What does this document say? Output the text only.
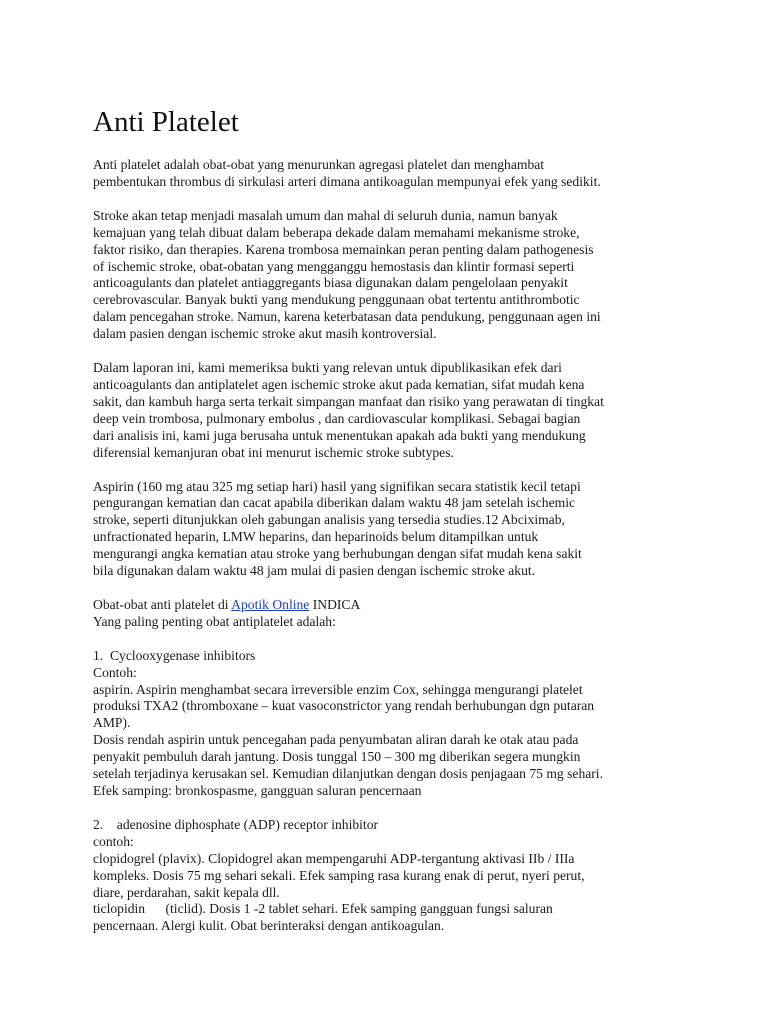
Anti Platelet

Anti platelet adalah obat-obat yang menurunkan agregasi platelet dan menghambat
pembentukan thrombus di sirkulasi arteri dimana antikoagulan mempunyai efek yang sedikit.

Stroke akan tetap menjadi masalah umum dan mahal di seluruh dunia, namun banyak
kemajuan yang telah dibuat dalam beberapa dekade dalam memahami mekanisme stroke,
faktor risiko, dan therapies. Karena trombosa memainkan peran penting dalam pathogenesis
of ischemic stroke, obat-obatan yang mengganggu hemostasis dan klintir formasi seperti
anticoagulants dan platelet antiaggregants biasa digunakan dalam pengelolaan penyakit
cerebrovascular. Banyak bukti yang mendukung penggunaan obat tertentu antithrombotic
dalam pencegahan stroke. Namun, karena keterbatasan data pendukung, penggunaan agen ini
dalam pasien dengan ischemic stroke akut masih kontroversial.

Dalam laporan ini, kami memeriksa bukti yang relevan untuk dipublikasikan efek dari
anticoagulants dan antiplatelet agen ischemic stroke akut pada kematian, sifat mudah kena
sakit, dan kambuh harga serta terkait simpangan manfaat dan risiko yang perawatan di tingkat
deep vein trombosa, pulmonary embolus , dan cardiovascular komplikasi. Sebagai bagian
dari analisis ini, kami juga berusaha untuk menentukan apakah ada bukti yang mendukung
diferensial kemanjuran obat ini menurut ischemic stroke subtypes.

Aspirin (160 mg atau 325 mg setiap hari) hasil yang signifikan secara statistik kecil tetapi
pengurangan kematian dan cacat apabila diberikan dalam waktu 48 jam setelah ischemic
stroke, seperti ditunjukkan oleh gabungan analisis yang tersedia studies.12 Abciximab,
unfractionated heparin, LMW heparins, dan heparinoids belum ditampilkan untuk
mengurangi angka kematian atau stroke yang berhubungan dengan sifat mudah kena sakit
bila digunakan dalam waktu 48 jam mulai di pasien dengan ischemic stroke akut.

Obat-obat anti platelet di Apotik Online INDICA
Yang paling penting obat antiplatelet adalah:

1.  Cyclooxygenase inhibitors
Contoh:
aspirin. Aspirin menghambat secara irreversible enzim Cox, sehingga mengurangi platelet
produksi TXA2 (thromboxane – kuat vasoconstrictor yang rendah berhubungan dgn putaran
AMP).
Dosis rendah aspirin untuk pencegahan pada penyumbatan aliran darah ke otak atau pada
penyakit pembuluh darah jantung. Dosis tunggal 150 – 300 mg diberikan segera mungkin
setelah terjadinya kerusakan sel. Kemudian dilanjutkan dengan dosis penjagaan 75 mg sehari.
Efek samping: bronkospasme, gangguan saluran pencernaan

2.    adenosine diphosphate (ADP) receptor inhibitor
contoh:
clopidogrel (plavix). Clopidogrel akan mempengaruhi ADP-tergantung aktivasi IIb / IIIa
kompleks. Dosis 75 mg sehari sekali. Efek samping rasa kurang enak di perut, nyeri perut,
diare, perdarahan, sakit kepala dll.
ticlopidin      (ticlid). Dosis 1 -2 tablet sehari. Efek samping gangguan fungsi saluran
pencernaan. Alergi kulit. Obat berinteraksi dengan antikoagulan.
